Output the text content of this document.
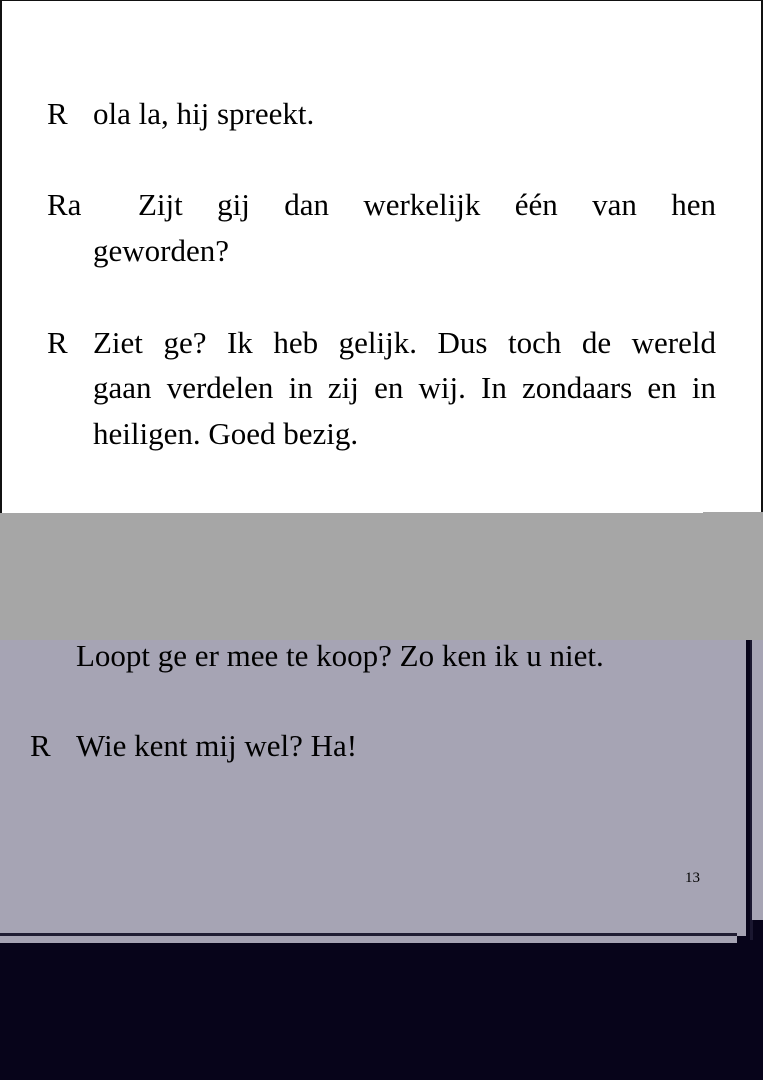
R ola la, hij spreekt.
Ra Zijt gij dan werkelijk één van hen
geworden?
R Ziet ge? Ik heb gelijk. Dus toch de wereld
gaan verdelen in zij en wij. In zondaars en in
heiligen. Goed bezig.
Loopt ge er mee te koop? Zo ken ik u niet.
R Wie kent mij wel? Ha!
13
